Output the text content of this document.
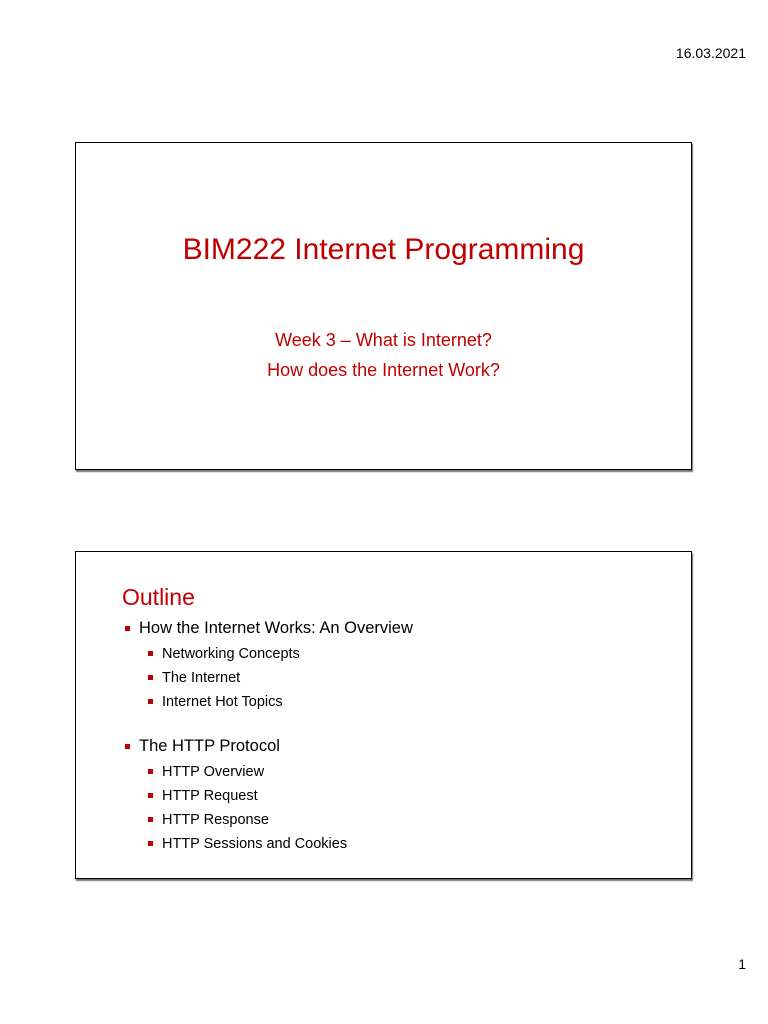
16.03.2021
BIM222 Internet Programming
Week 3 – What is Internet?
How does the Internet Work?
Outline
How the Internet Works: An Overview
Networking Concepts
The Internet
Internet Hot Topics
The HTTP Protocol
HTTP Overview
HTTP Request
HTTP Response
HTTP Sessions and Cookies
1
